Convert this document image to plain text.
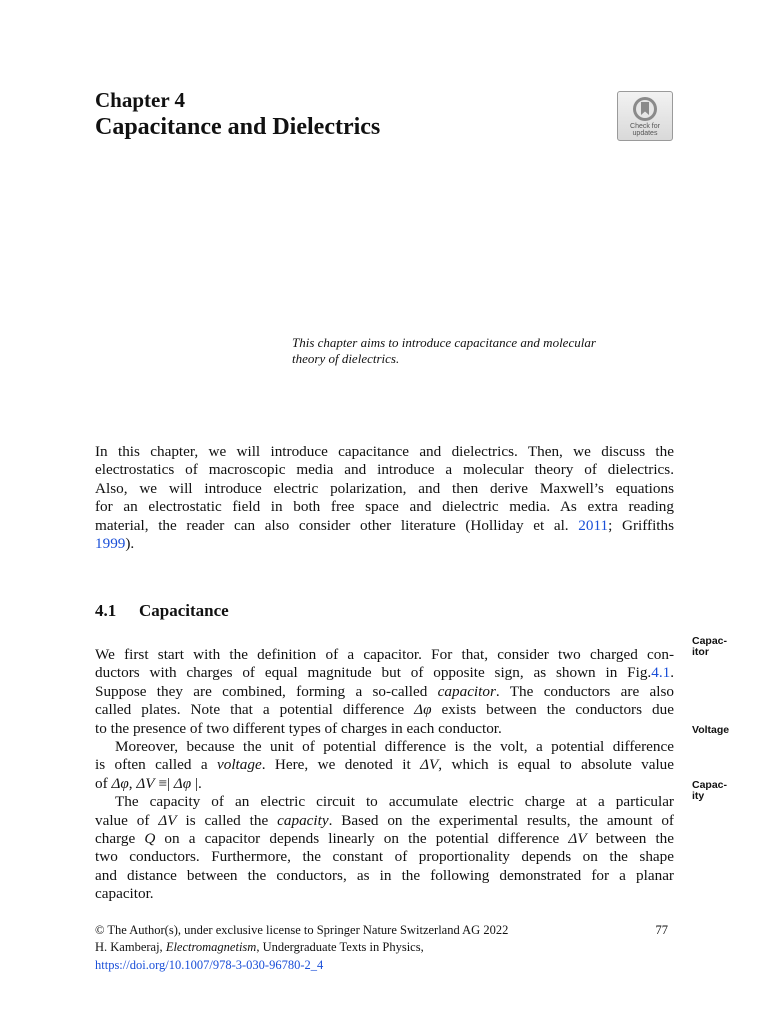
Chapter 4
Capacitance and Dielectrics	Check for
updates
This chapter aims to introduce capacitance and molecular
theory of dielectrics.
In this chapter, we will introduce capacitance and dielectrics. Then, we discuss the
electrostatics of macroscopic media and introduce a molecular theory of dielectrics.
Also, we will introduce electric polarization, and then derive Maxwell’s equations
for an electrostatic field in both free space and dielectric media. As extra reading
material, the reader can also consider other literature (Holliday et al. 2011; Griffiths
1999).
4.1 Capacitance
We first start with the definition of a capacitor. For that, consider two charged con-
ductors with charges of equal magnitude but of opposite sign, as shown in Fig.4.1.
Suppose they are combined, forming a so-called capacitor. The conductors are also
called plates. Note that a potential difference Δφ exists between the conductors due
to the presence of two different types of charges in each conductor.
Moreover, because the unit of potential difference is the volt, a potential difference
is often called a voltage. Here, we denoted it ΔV, which is equal to absolute value
of Δφ, ΔV ≡| Δφ |.
The capacity of an electric circuit to accumulate electric charge at a particular
value of ΔV is called the capacity. Based on the experimental results, the amount of
charge Q on a capacitor depends linearly on the potential difference ΔV between the
two conductors. Furthermore, the constant of proportionality depends on the shape
and distance between the conductors, as in the following demonstrated for a planar
capacitor.
Capac-
itor
Voltage
Capac-
ity
© The Author(s), under exclusive license to Springer Nature Switzerland AG 2022	77
H. Kamberaj, Electromagnetism, Undergraduate Texts in Physics,
https://doi.org/10.1007/978-3-030-96780-2_4
